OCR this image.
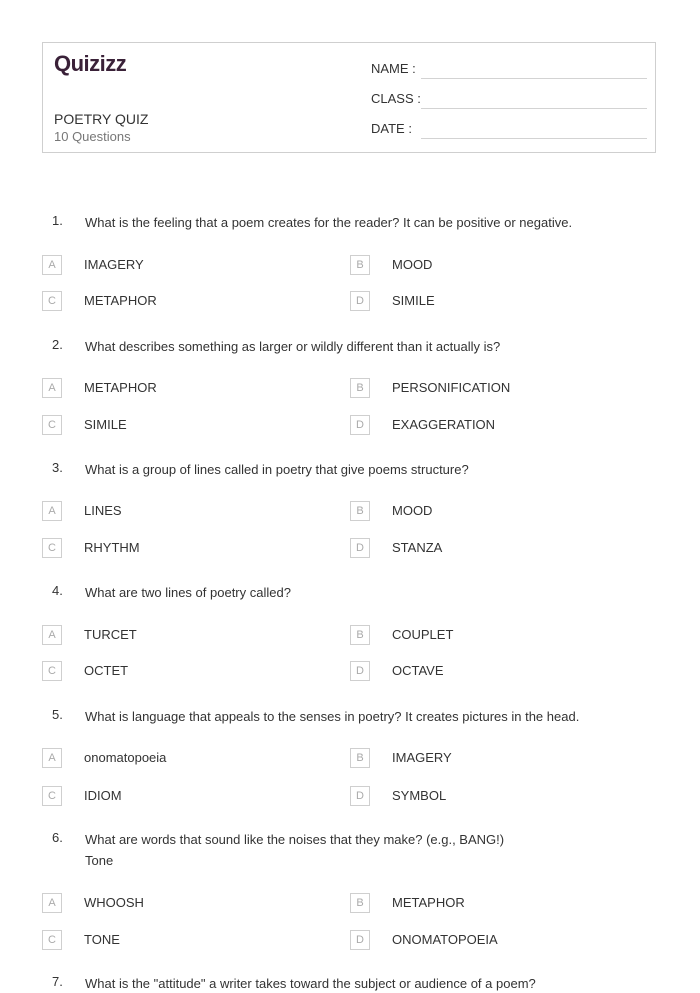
Quizizz
POETRY QUIZ
10 Questions
NAME :
CLASS :
DATE :
1. What is the feeling that a poem creates for the reader? It can be positive or negative.
A	IMAGERY	B	MOOD
C	METAPHOR	D	SIMILE
2. What describes something as larger or wildly different than it actually is?
A	METAPHOR	B	PERSONIFICATION
C	SIMILE	D	EXAGGERATION
3. What is a group of lines called in poetry that give poems structure?
A	LINES	B	MOOD
C	RHYTHM	D	STANZA
4. What are two lines of poetry called?
A	TURCET	B	COUPLET
C	OCTET	D	OCTAVE
5. What is language that appeals to the senses in poetry? It creates pictures in the head.
A	onomatopoeia	B	IMAGERY
C	IDIOM	D	SYMBOL
6. What are words that sound like the noises that they make? (e.g., BANG!)
Tone
A	WHOOSH	B	METAPHOR
C	TONE	D	ONOMATOPOEIA
7. What is the "attitude" a writer takes toward the subject or audience of a poem?
